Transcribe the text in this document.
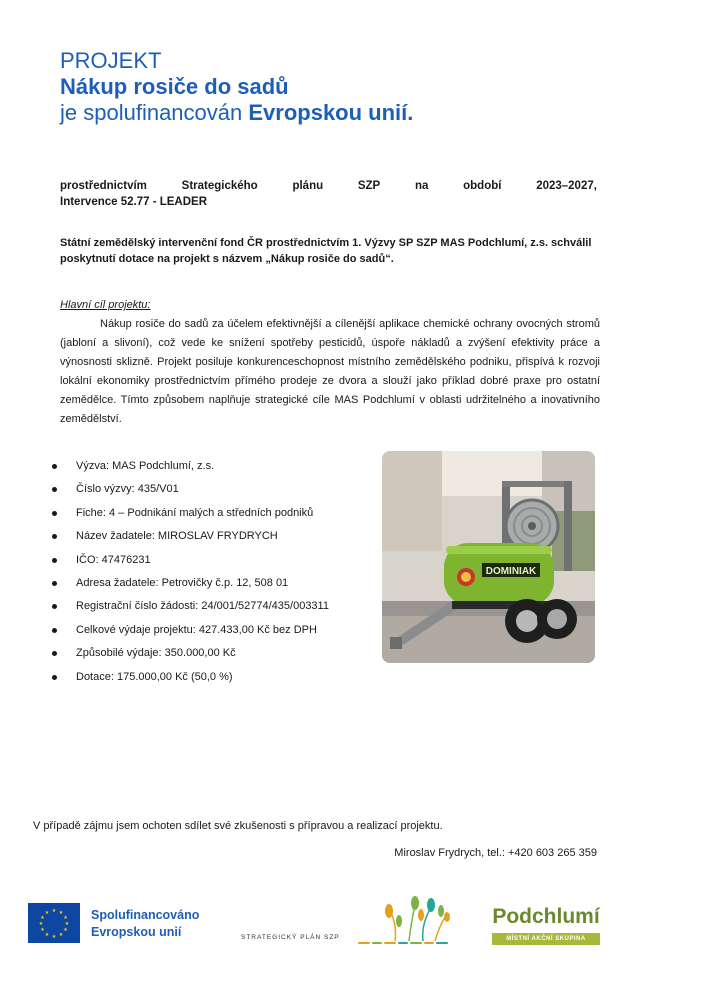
PROJEKT
Nákup rosiče do sadů
je spolufinancován Evropskou unií.
prostřednictvím	Strategického	plánu	SZP	na	období	2023–2027,
Intervence 52.77 - LEADER
Státní zemědělský intervenční fond ČR prostřednictvím 1. Výzvy SP SZP MAS Podchlumí, z.s. schválil poskytnutí dotace na projekt s názvem „Nákup rosiče do sadů“.
Hlavní cíl projektu:

Nákup rosiče do sadů za účelem efektivnější a cílenější aplikace chemické ochrany ovocných stromů (jabloní a slivoní), což vede ke snížení spotřeby pesticidů, úspoře nákladů a zvýšení efektivity práce a výnosnosti sklizně. Projekt posiluje konkurenceschopnost místního zemědělského podniku, přispívá k rozvoji lokální ekonomiky prostřednictvím přímého prodeje ze dvora a slouží jako příklad dobré praxe pro ostatní zemědělce. Tímto způsobem naplňuje strategické cíle MAS Podchlumí v oblasti udržitelného a inovativního zemědělství.

Výzva: MAS Podchlumí, z.s.
Číslo výzvy: 435/V01
Fiche: 4 – Podnikání malých a středních podniků
Název žadatele: MIROSLAV FRYDRYCH
IČO: 47476231
Adresa žadatele: Petrovičky č.p. 12, 508 01
Registrační číslo žádosti: 24/001/52774/435/003311
Celkové výdaje projektu: 427.433,00 Kč bez DPH
Způsobilé výdaje: 350.000,00 Kč
Dotace: 175.000,00 Kč (50,0 %)
DOMINIAK
V případě zájmu jsem ochoten sdílet své zkušenosti s přípravou a realizací projektu.
Miroslav Frydrych, tel.: +420 603 265 359
★ ★
★
★
★
★
★
★
★
★
★
★	Spolufinancováno
Evropskou unií	STRATEGICKÝ PLÁN SZP
Podchlumí
MÍSTNÍ AKČNÍ SKUPINA
